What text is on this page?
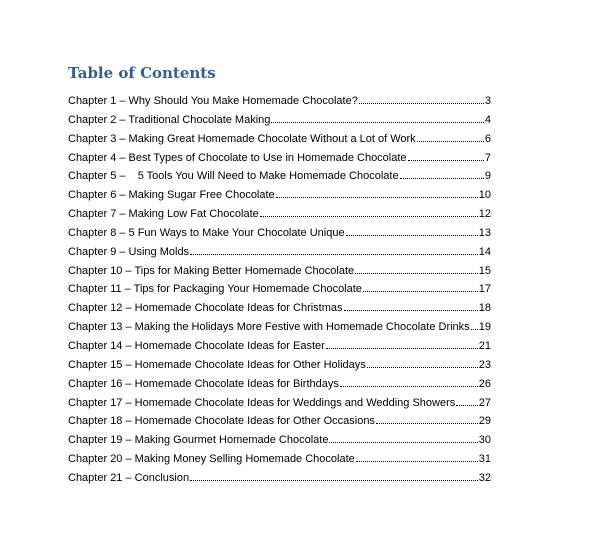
Table of Contents
Chapter 1 – Why Should You Make Homemade Chocolate?	3
Chapter 2 – Traditional Chocolate Making	4
Chapter 3 – Making Great Homemade Chocolate Without a Lot of Work	6
Chapter 4 – Best Types of Chocolate to Use in Homemade Chocolate	7
Chapter 5 –    5 Tools You Will Need to Make Homemade Chocolate	9
Chapter 6 – Making Sugar Free Chocolate	10
Chapter 7 – Making Low Fat Chocolate	12
Chapter 8 – 5 Fun Ways to Make Your Chocolate Unique	13
Chapter 9 – Using Molds	14
Chapter 10 – Tips for Making Better Homemade Chocolate	15
Chapter 11 – Tips for Packaging Your Homemade Chocolate	17
Chapter 12 – Homemade Chocolate Ideas for Christmas	18
Chapter 13 – Making the Holidays More Festive with Homemade Chocolate Drinks 19
Chapter 14 – Homemade Chocolate Ideas for Easter	21
Chapter 15 – Homemade Chocolate Ideas for Other Holidays	23
Chapter 16 – Homemade Chocolate Ideas for Birthdays	26
Chapter 17 – Homemade Chocolate Ideas for Weddings and Wedding Showers 27
Chapter 18 – Homemade Chocolate Ideas for Other Occasions	29
Chapter 19 – Making Gourmet Homemade Chocolate	30
Chapter 20 – Making Money Selling Homemade Chocolate	31
Chapter 21 – Conclusion	32
